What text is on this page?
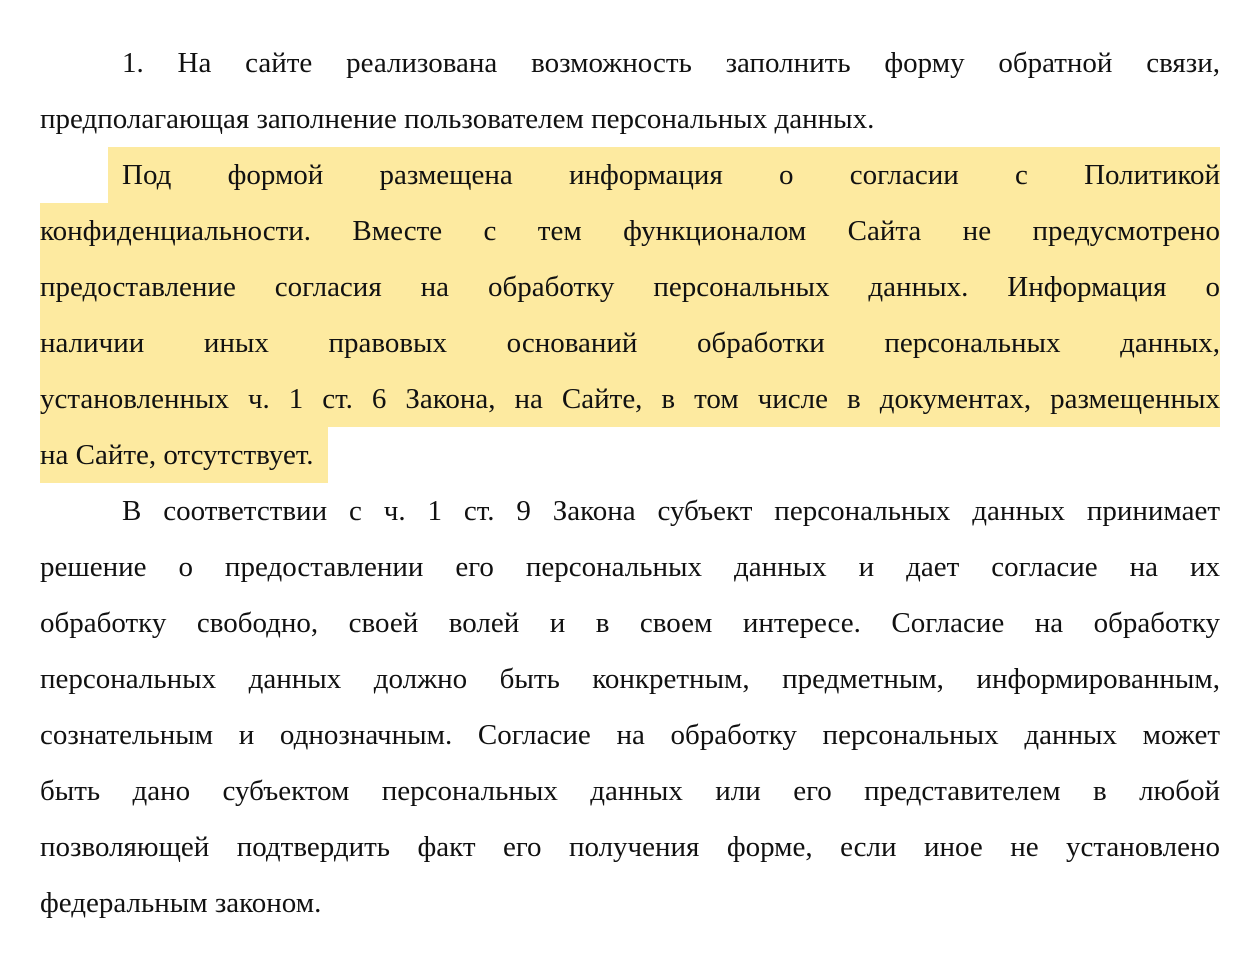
1. На сайте реализована возможность заполнить форму обратной связи,
предполагающая заполнение пользователем персональных данных.
Под формой размещена информация о согласии с Политикой
конфиденциальности. Вместе с тем функционалом Сайта не предусмотрено
предоставление согласия на обработку персональных данных. Информация о
наличии иных правовых оснований обработки персональных данных,
установленных ч. 1 ст. 6 Закона, на Сайте, в том числе в документах, размещенных
на Сайте, отсутствует.
В соответствии с ч. 1 ст. 9 Закона субъект персональных данных принимает
решение о предоставлении его персональных данных и дает согласие на их
обработку свободно, своей волей и в своем интересе. Согласие на обработку
персональных данных должно быть конкретным, предметным, информированным,
сознательным и однозначным. Согласие на обработку персональных данных может
быть дано субъектом персональных данных или его представителем в любой
позволяющей подтвердить факт его получения форме, если иное не установлено
федеральным законом.
